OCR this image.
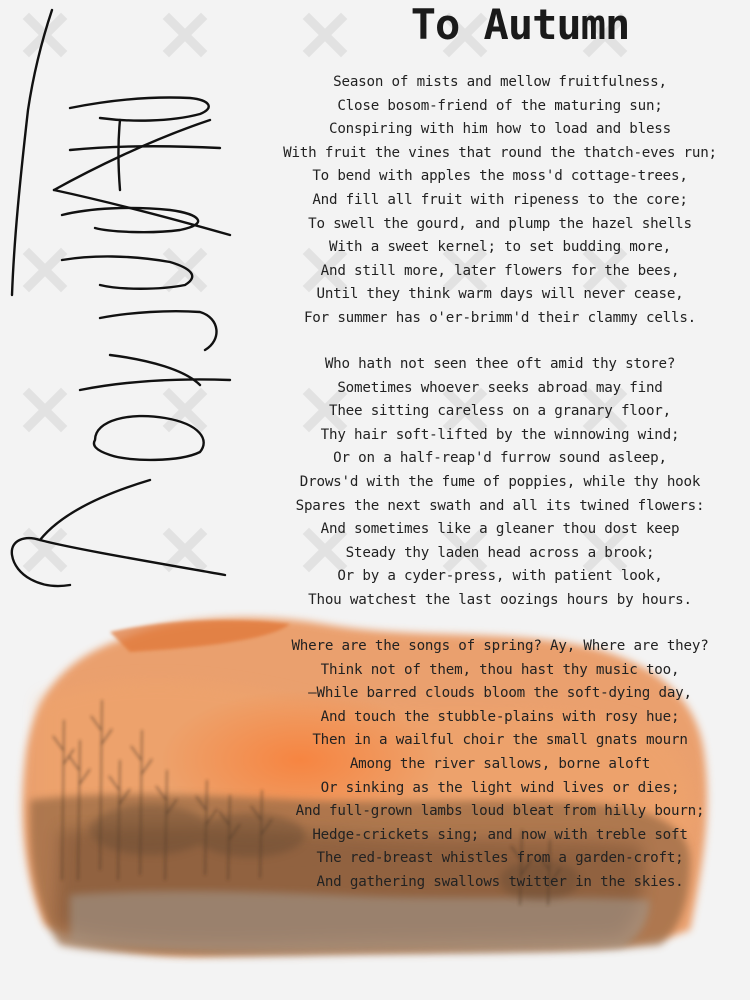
To Autumn
Season of mists and mellow fruitfulness,
Close bosom-friend of the maturing sun;
Conspiring with him how to load and bless
With fruit the vines that round the thatch-eves run;
To bend with apples the moss'd cottage-trees,
And fill all fruit with ripeness to the core;
To swell the gourd, and plump the hazel shells
With a sweet kernel; to set budding more,
And still more, later flowers for the bees,
Until they think warm days will never cease,
For summer has o'er-brimm'd their clammy cells.
Who hath not seen thee oft amid thy store?
Sometimes whoever seeks abroad may find
Thee sitting careless on a granary floor,
Thy hair soft-lifted by the winnowing wind;
Or on a half-reap'd furrow sound asleep,
Drows'd with the fume of poppies, while thy hook
Spares the next swath and all its twined flowers:
And sometimes like a gleaner thou dost keep
Steady thy laden head across a brook;
Or by a cyder-press, with patient look,
Thou watchest the last oozings hours by hours.
Where are the songs of spring? Ay, Where are they?
Think not of them, thou hast thy music too,
—While barred clouds bloom the soft-dying day,
And touch the stubble-plains with rosy hue;
Then in a wailful choir the small gnats mourn
Among the river sallows, borne aloft
Or sinking as the light wind lives or dies;
And full-grown lambs loud bleat from hilly bourn;
Hedge-crickets sing; and now with treble soft
The red-breast whistles from a garden-croft;
And gathering swallows twitter in the skies.
